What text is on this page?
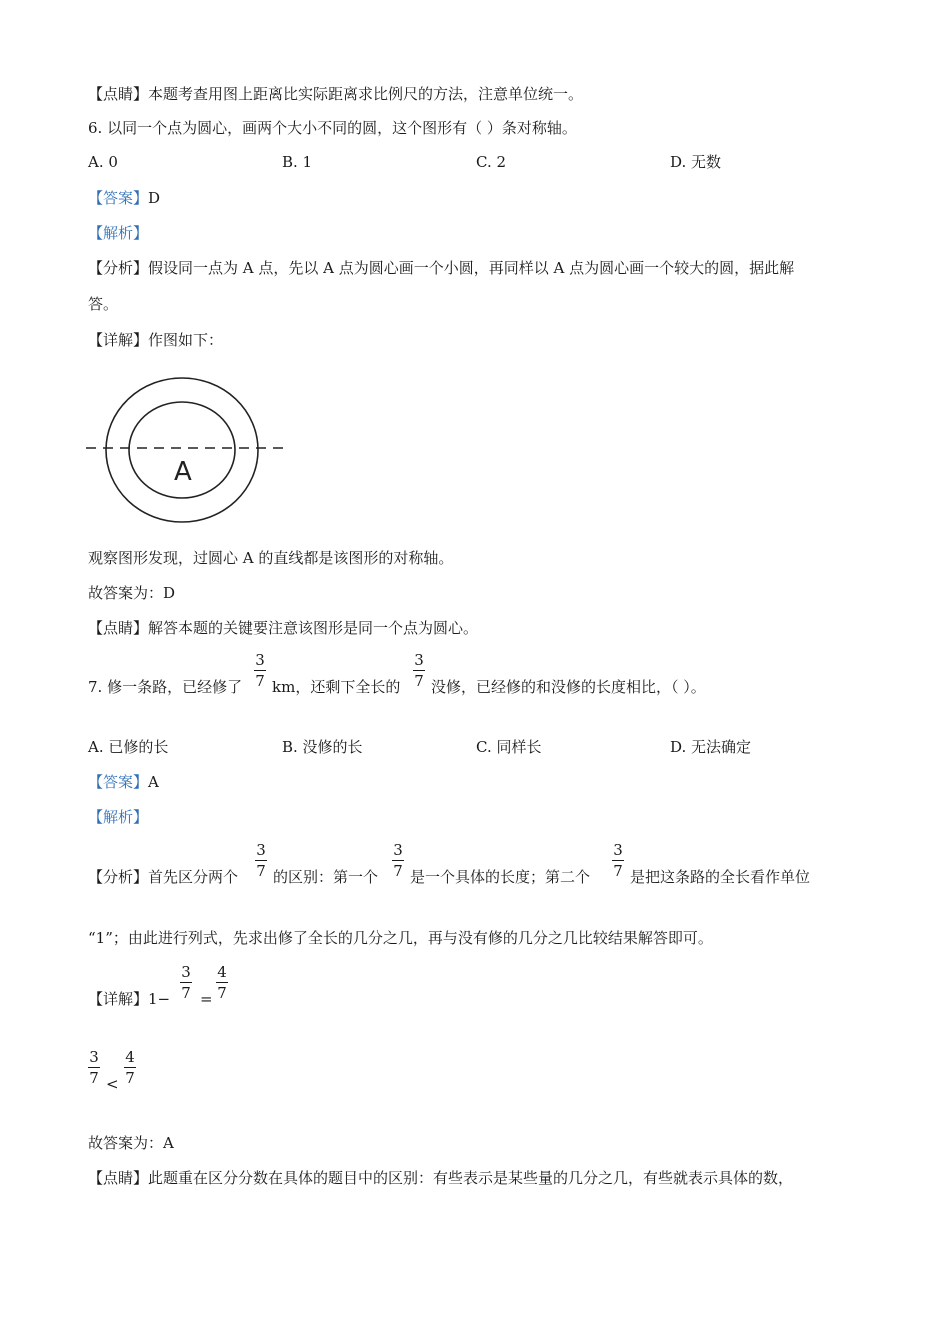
【点睛】本题考查用图上距离比实际距离求比例尺的方法，注意单位统一。
6. 以同一个点为圆心，画两个大小不同的圆，这个图形有（ ）条对称轴。
A. 0	B. 1	C. 2	D. 无数
【答案】D
【解析】
【分析】假设同一点为 A 点，先以 A 点为圆心画一个小圆，再同样以 A 点为圆心画一个较大的圆，据此解
答。
【详解】作图如下：
A
观察图形发现，过圆心 A 的直线都是该图形的对称轴。
故答案为：D
【点睛】解答本题的关键要注意该图形是同一个点为圆心。
7. 修一条路，已经修了
3
7 km，还剩下全长的
3
7 没修，已经修的和没修的长度相比，（ ）。
A. 已修的长	B. 没修的长	C. 同样长	D. 无法确定
【答案】A
【解析】
【分析】首先区分两个
3
7 的区别：第一个
3
7 是一个具体的长度；第二个
3
7 是把这条路的全长看作单位
“1”；由此进行列式，先求出修了全长的几分之几，再与没有修的几分之几比较结果解答即可。
【详解】1−
3
7 =
4
7
3
7 <
4
7
故答案为：A
【点睛】此题重在区分分数在具体的题目中的区别：有些表示是某些量的几分之几，有些就表示具体的数，
